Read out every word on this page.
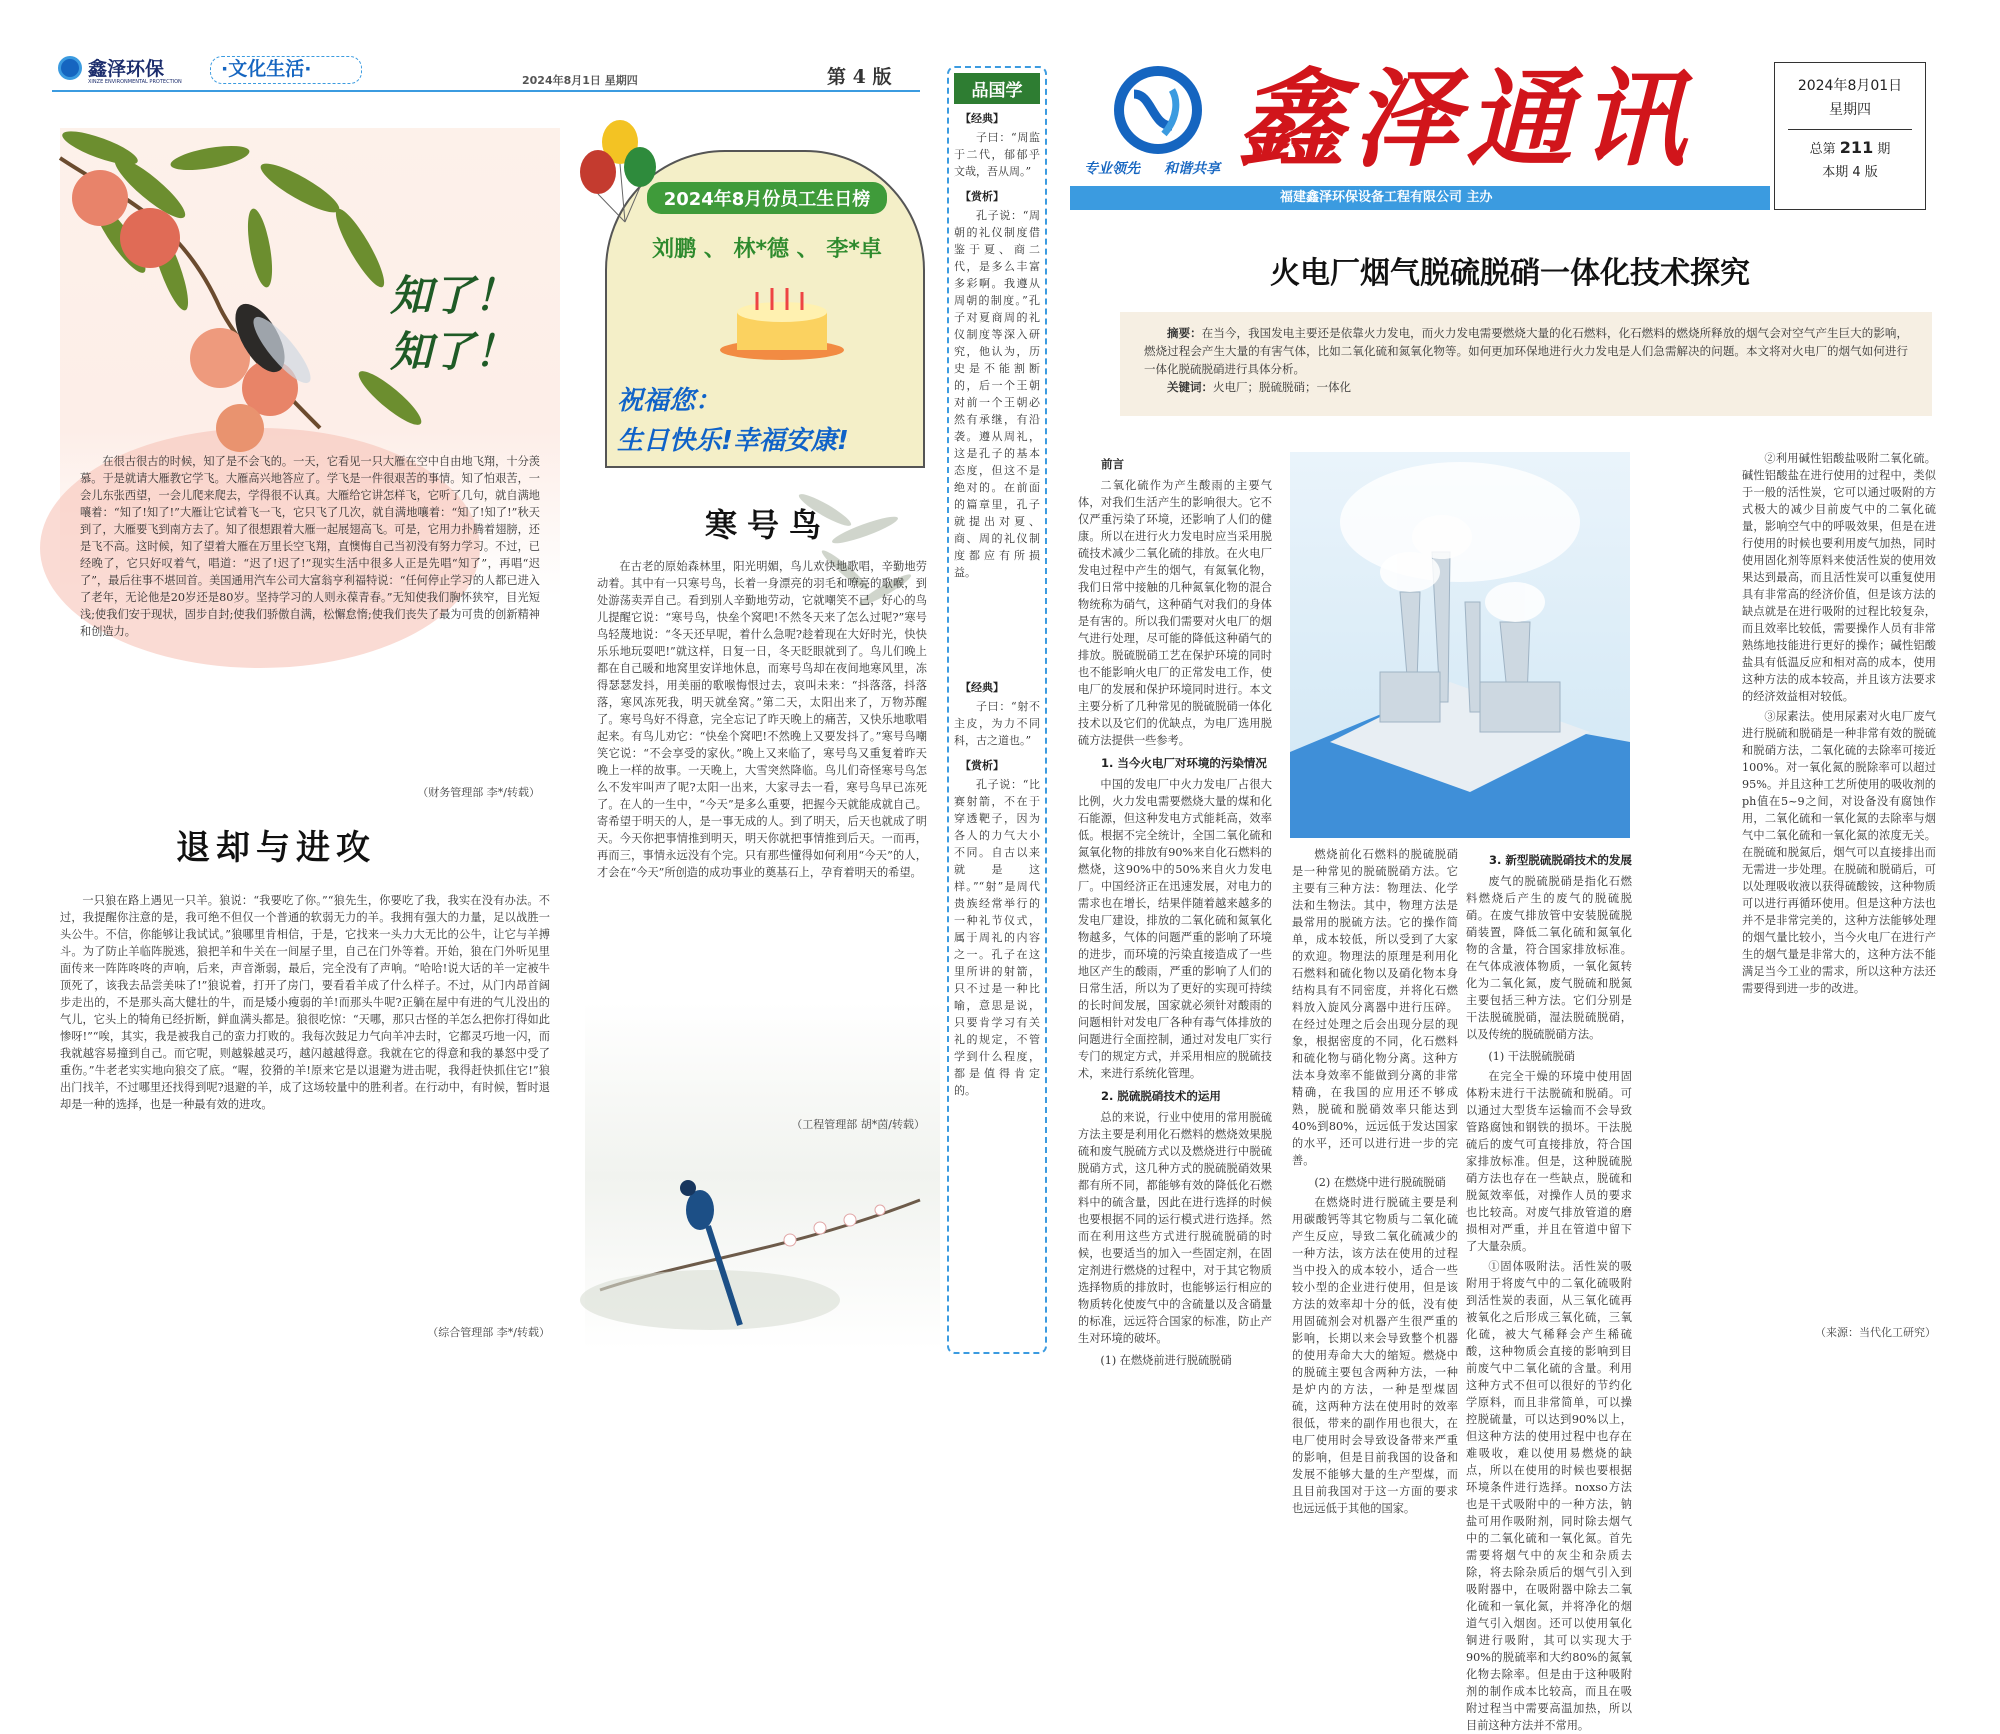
鑫泽环保
XINZE ENVIRONMENTAL PROTECTION
·文化生活·
2024年8月1日 星期四	第 4 版
知了！知了！
在很古很古的时候，知了是不会飞的。一天，它看见一只大雁在空中自由地飞翔，十分羡慕。于是就请大雁教它学飞。大雁高兴地答应了。学飞是一件很艰苦的事情。知了怕艰苦，一会儿东张西望，一会儿爬来爬去，学得很不认真。大雁给它讲怎样飞，它听了几句，就自满地嚷着：“知了!知了!”大雁让它试着飞一飞，它只飞了几次，就自满地嚷着：“知了!知了!”秋天到了，大雁要飞到南方去了。知了很想跟着大雁一起展翅高飞。可是，它用力扑腾着翅膀，还是飞不高。这时候，知了望着大雁在万里长空飞翔，直懊悔自己当初没有努力学习。不过，已经晚了，它只好叹着气，唱道：“迟了!迟了!”现实生活中很多人正是先唱“知了”，再唱“迟了”，最后往事不堪回首。美国通用汽车公司大富翁亨利福特说：“任何停止学习的人都已进入了老年，无论他是20岁还是80岁。坚持学习的人则永葆青春。”无知使我们胸怀狭窄，目光短浅;使我们安于现状，固步自封;使我们骄傲自满，松懈怠惰;使我们丧失了最为可贵的创新精神和创造力。
（财务管理部 李*/转载）
退却与进攻
一只狼在路上遇见一只羊。狼说：“我要吃了你。”“狼先生，你要吃了我，我实在没有办法。不过，我提醒你注意的是，我可绝不但仅一个普通的软弱无力的羊。我拥有强大的力量，足以战胜一头公牛。不信，你能够让我试试。”狼哪里肯相信，于是，它找来一头力大无比的公牛，让它与羊搏斗。为了防止羊临阵脱逃，狼把羊和牛关在一间屋子里，自己在门外等着。开始，狼在门外听见里面传来一阵阵咚咚的声响，后来，声音渐弱，最后，完全没有了声响。“哈哈!说大话的羊一定被牛顶死了，该我去品尝美味了!”狼说着，打开了房门，要看看羊成了什么样子。不过，从门内昂首阔步走出的，不是那头高大健壮的牛，而是矮小瘦弱的羊!而那头牛呢?正躺在屋中有进的气儿没出的气儿，它头上的犄角已经折断，鲜血满头都是。狼很吃惊：“天哪，那只古怪的羊怎么把你打得如此惨呀!”“唉，其实，我是被我自己的蛮力打败的。我每次鼓足力气向羊冲去时，它都灵巧地一闪，而我就越容易撞到自己。而它呢，则越躲越灵巧，越闪越越得意。我就在它的得意和我的暴怒中受了重伤。”牛老老实实地向狼交了底。“喔，狡猾的羊!原来它是以退避为进击呢，我得赶快抓住它!”狼出门找羊，不过哪里还找得到呢?退避的羊，成了这场较量中的胜利者。在行动中，有时候，暂时退却是一种的选择，也是一种最有效的进攻。
（综合管理部 李*/转载）
2024年8月份员工生日榜
刘鹏 、 林*德 、 李*卓
祝福您：
生日快乐!幸福安康!
寒号鸟
在古老的原始森林里，阳光明媚，鸟儿欢快地歌唱，辛勤地劳动着。其中有一只寒号鸟，长着一身漂亮的羽毛和嘹亮的歌喉，到处游荡卖弄自己。看到别人辛勤地劳动，它就嘲笑不已，好心的鸟儿提醒它说：“寒号鸟，快垒个窝吧!不然冬天来了怎么过呢?”寒号鸟轻蔑地说：“冬天还早呢，着什么急呢?趁着现在大好时光，快快乐乐地玩耍吧!”就这样，日复一日，冬天眨眼就到了。鸟儿们晚上都在自己暖和地窝里安详地休息，而寒号鸟却在夜间地寒风里，冻得瑟瑟发抖，用美丽的歌喉悔恨过去，哀叫未来：“抖落落，抖落落，寒风冻死我，明天就垒窝。”第二天，太阳出来了，万物苏醒了。寒号鸟好不得意，完全忘记了昨天晚上的痛苦，又快乐地歌唱起来。有鸟儿劝它：“快垒个窝吧!不然晚上又要发抖了。”寒号鸟嘲笑它说：“不会享受的家伙。”晚上又来临了，寒号鸟又重复着昨天晚上一样的故事。一天晚上，大雪突然降临。鸟儿们奇怪寒号鸟怎么不发牢叫声了呢?太阳一出来，大家寻去一看，寒号鸟早已冻死了。在人的一生中，“今天”是多么重要，把握今天就能成就自己。寄希望于明天的人，是一事无成的人。到了明天，后天也就成了明天。今天你把事情推到明天，明天你就把事情推到后天。一而再，再而三，事情永远没有个完。只有那些懂得如何利用“今天”的人，才会在“今天”所创造的成功事业的奠基石上，孕育着明天的希望。
（工程管理部 胡*茵/转载）
品国学
【经典】
子曰：“周监于二代，郁郁乎文哉，吾从周。”
【赏析】
孔子说：“周朝的礼仪制度借鉴于夏、商二代，是多么丰富多彩啊。我遵从周朝的制度。”孔子对夏商周的礼仪制度等深入研究，他认为，历史是不能割断的，后一个王朝对前一个王朝必然有承继，有沿袭。遵从周礼，这是孔子的基本态度，但这不是绝对的。在前面的篇章里，孔子就提出对夏、商、周的礼仪制度都应有所损益。
【经典】
子曰：“射不主皮，为力不同科，古之道也。”
【赏析】
孔子说：“比赛射箭，不在于穿透靶子，因为各人的力气大小不同。自古以来就是这样。”“射”是周代贵族经常举行的一种礼节仪式，属于周礼的内容之一。孔子在这里所讲的射箭，只不过是一种比喻，意思是说，只要肯学习有关礼的规定，不管学到什么程度，都是值得肯定的。
专业领先 和谐共享 鑫泽通讯
福建鑫泽环保设备工程有限公司 主办
2024年8月01日
星期四
总第 211 期
本期 4 版
火电厂烟气脱硫脱硝一体化技术探究
摘要：在当今，我国发电主要还是依靠火力发电，而火力发电需要燃烧大量的化石燃料，化石燃料的燃烧所释放的烟气会对空气产生巨大的影响，燃烧过程会产生大量的有害气体，比如二氧化硫和氮氧化物等。如何更加环保地进行火力发电是人们急需解决的问题。本文将对火电厂的烟气如何进行一体化脱硫脱硝进行具体分析。
关键词：火电厂；脱硫脱硝；一体化
前言

二氧化硫作为产生酸雨的主要气体，对我们生活产生的影响很大。它不仅严重污染了环境，还影响了人们的健康。所以在进行火力发电时应当采用脱硫技术减少二氧化硫的排放。在火电厂发电过程中产生的烟气，有氮氧化物，我们日常中接触的几种氮氧化物的混合物统称为硝气，这种硝气对我们的身体是有害的。所以我们需要对火电厂的烟气进行处理，尽可能的降低这种硝气的排放。脱硫脱硝工艺在保护环境的同时也不能影响火电厂的正常发电工作，使电厂的发展和保护环境同时进行。本文主要分析了几种常见的脱硫脱硝一体化技术以及它们的优缺点，为电厂选用脱硫方法提供一些参考。

1. 当今火电厂对环境的污染情况

中国的发电厂中火力发电厂占很大比例，火力发电需要燃烧大量的煤和化石能源，但这种发电方式能耗高，效率低。根据不完全统计，全国二氧化硫和氮氧化物的排放有90%来自化石燃料的燃烧，这90%中的50%来自火力发电厂。中国经济正在迅速发展，对电力的需求也在增长，结果伴随着越来越多的发电厂建设，排放的二氧化硫和氮氧化物越多，气体的问题严重的影响了环境的进步，而环境的污染直接造成了一些地区产生的酸雨，严重的影响了人们的日常生活，所以为了更好的实现可持续的长时间发展，国家就必须针对酸雨的问题相针对发电厂各种有毒气体排放的问题进行全面控制，通过对发电厂实行专门的规定方式，并采用相应的脱硫技术，来进行系统化管理。

2. 脱硫脱硝技术的运用

总的来说，行业中使用的常用脱硫方法主要是利用化石燃料的燃烧效果脱硫和废气脱硫方式以及燃烧进行中脱硫脱硝方式，这几种方式的脱硫脱硝效果都有所不同，都能够有效的降低化石燃料中的硫含量，因此在进行选择的时候也要根据不同的运行模式进行选择。然而在利用这些方式进行脱硫脱硝的时候，也要适当的加入一些固定剂，在固定剂进行燃烧的过程中，对于其它物质选择物质的排放时，也能够运行相应的物质转化使废气中的含硫量以及含硝量的标准，远远符合国家的标准，防止产生对环境的破坏。

(1) 在燃烧前进行脱硫脱硝

燃烧前化石燃料的脱硫脱硝是一种常见的脱硫脱硝方法。它主要有三种方法：物理法、化学法和生物法。其中，物理方法是最常用的脱硫方法。它的操作简单，成本较低，所以受到了大家的欢迎。物理法的原理是利用化石燃料和硫化物以及硝化物本身结构具有不同密度，并将化石燃料放入旋风分离器中进行压碎。在经过处理之后会出现分层的现象，根据密度的不同，化石燃料和硫化物与硝化物分离。这种方法本身效率不能做到分离的非常精确，在我国的应用还不够成熟，脱硫和脱硝效率只能达到40%到80%，远远低于发达国家的水平，还可以进行进一步的完善。

(2) 在燃烧中进行脱硫脱硝

在燃烧时进行脱硫主要是利用碳酸钙等其它物质与二氧化硫产生反应，导致二氧化硫减少的一种方法，该方法在使用的过程当中投入的成本较小，适合一些较小型的企业进行使用，但是该方法的效率却十分的低，没有使用固硫剂会对机器产生很严重的影响，长期以来会导致整个机器的使用寿命大大的缩短。燃烧中的脱硫主要包含两种方法，一种是炉内的方法，一种是型煤固硫，这两种方法在使用时的效率很低，带来的副作用也很大，在电厂使用时会导致设备带来严重的影响，但是目前我国的设备和发展不能够大量的生产型煤，而且目前我国对于这一方面的要求也远远低于其他的国家。

3. 新型脱硫脱硝技术的发展

废气的脱硫脱硝是指化石燃料燃烧后产生的废气的脱硫脱硝。在废气排放管中安装脱硫脱硝装置，降低二氧化硫和氮氧化物的含量，符合国家排放标准。在气体成液体物质，一氧化氮转化为二氧化氮，废气脱硫和脱氮主要包括三种方法。它们分别是干法脱硫脱硝，湿法脱硫脱硝，以及传统的脱硫脱硝方法。

(1) 干法脱硫脱硝

在完全干燥的环境中使用固体粉末进行干法脱硫和脱硝。可以通过大型货车运输而不会导致管路腐蚀和钢铁的损坏。干法脱硫后的废气可直接排放，符合国家排放标准。但是，这种脱硫脱硝方法也存在一些缺点，脱硫和脱氮效率低，对操作人员的要求也比较高。对废气排放管道的磨损相对严重，并且在管道中留下了大量杂质。

①固体吸附法。活性炭的吸附用于将废气中的二氧化硫吸附到活性炭的表面，从三氧化硫再被氧化之后形成三氧化硫，三氧化硫，被大气稀释会产生稀硫酸，这种物质会直接的影响到目前废气中二氧化硫的含量。利用这种方式不但可以很好的节约化学原料，而且非常简单，可以操控脱硫量，可以达到90%以上，但这种方法的使用过程中也存在难吸收，难以使用易燃烧的缺点，所以在使用的时候也要根据环境条件进行选择。noxso方法也是干式吸附中的一种方法，钠盐可用作吸附剂，同时除去烟气中的二氧化硫和一氧化氮。首先需要将烟气中的灰尘和杂质去除，将去除杂质后的烟气引入到吸附器中，在吸附器中除去二氧化硫和一氧化氮，并将净化的烟道气引入烟囱。还可以使用氧化铜进行吸附，其可以实现大于90%的脱硫率和大约80%的氮氧化物去除率。但是由于这种吸附剂的制作成本比较高，而且在吸附过程当中需要高温加热，所以目前这种方法并不常用。

②利用碱性铝酸盐吸附二氧化硫。碱性铝酸盐在进行使用的过程中，类似于一般的活性炭，它可以通过吸附的方式极大的减少目前废气中的二氧化硫量，影响空气中的呼吸效果，但是在进行使用的时候也要利用废气加热，同时使用固化剂等原料来使活性炭的使用效果达到最高，而且活性炭可以重复使用具有非常高的经济价值，但是该方法的缺点就是在进行吸附的过程比较复杂，而且效率比较低，需要操作人员有非常熟练地技能进行更好的操作；碱性铝酸盐具有低温反应和相对高的成本，使用这种方法的成本较高，并且该方法要求的经济效益相对较低。

③尿素法。使用尿素对火电厂废气进行脱硫和脱硝是一种非常有效的脱硫和脱硝方法，二氧化硫的去除率可接近100%。对一氧化氮的脱除率可以超过95%。并且这种工艺所使用的吸收剂的ph值在5~9之间，对设备没有腐蚀作用，二氧化硫和一氧化氮的去除率与烟气中二氧化硫和一氧化氮的浓度无关。在脱硫和脱氮后，烟气可以直接排出而无需进一步处理。在脱硫和脱硝后，可以处理吸收液以获得硫酸铵，这种物质可以进行再循环使用。但是这种方法也并不是非常完美的，这种方法能够处理的烟气量比较小，当今火电厂在进行产生的烟气量是非常大的，这种方法不能满足当今工业的需求，所以这种方法还需要得到进一步的改进。

（来源：当代化工研究）
